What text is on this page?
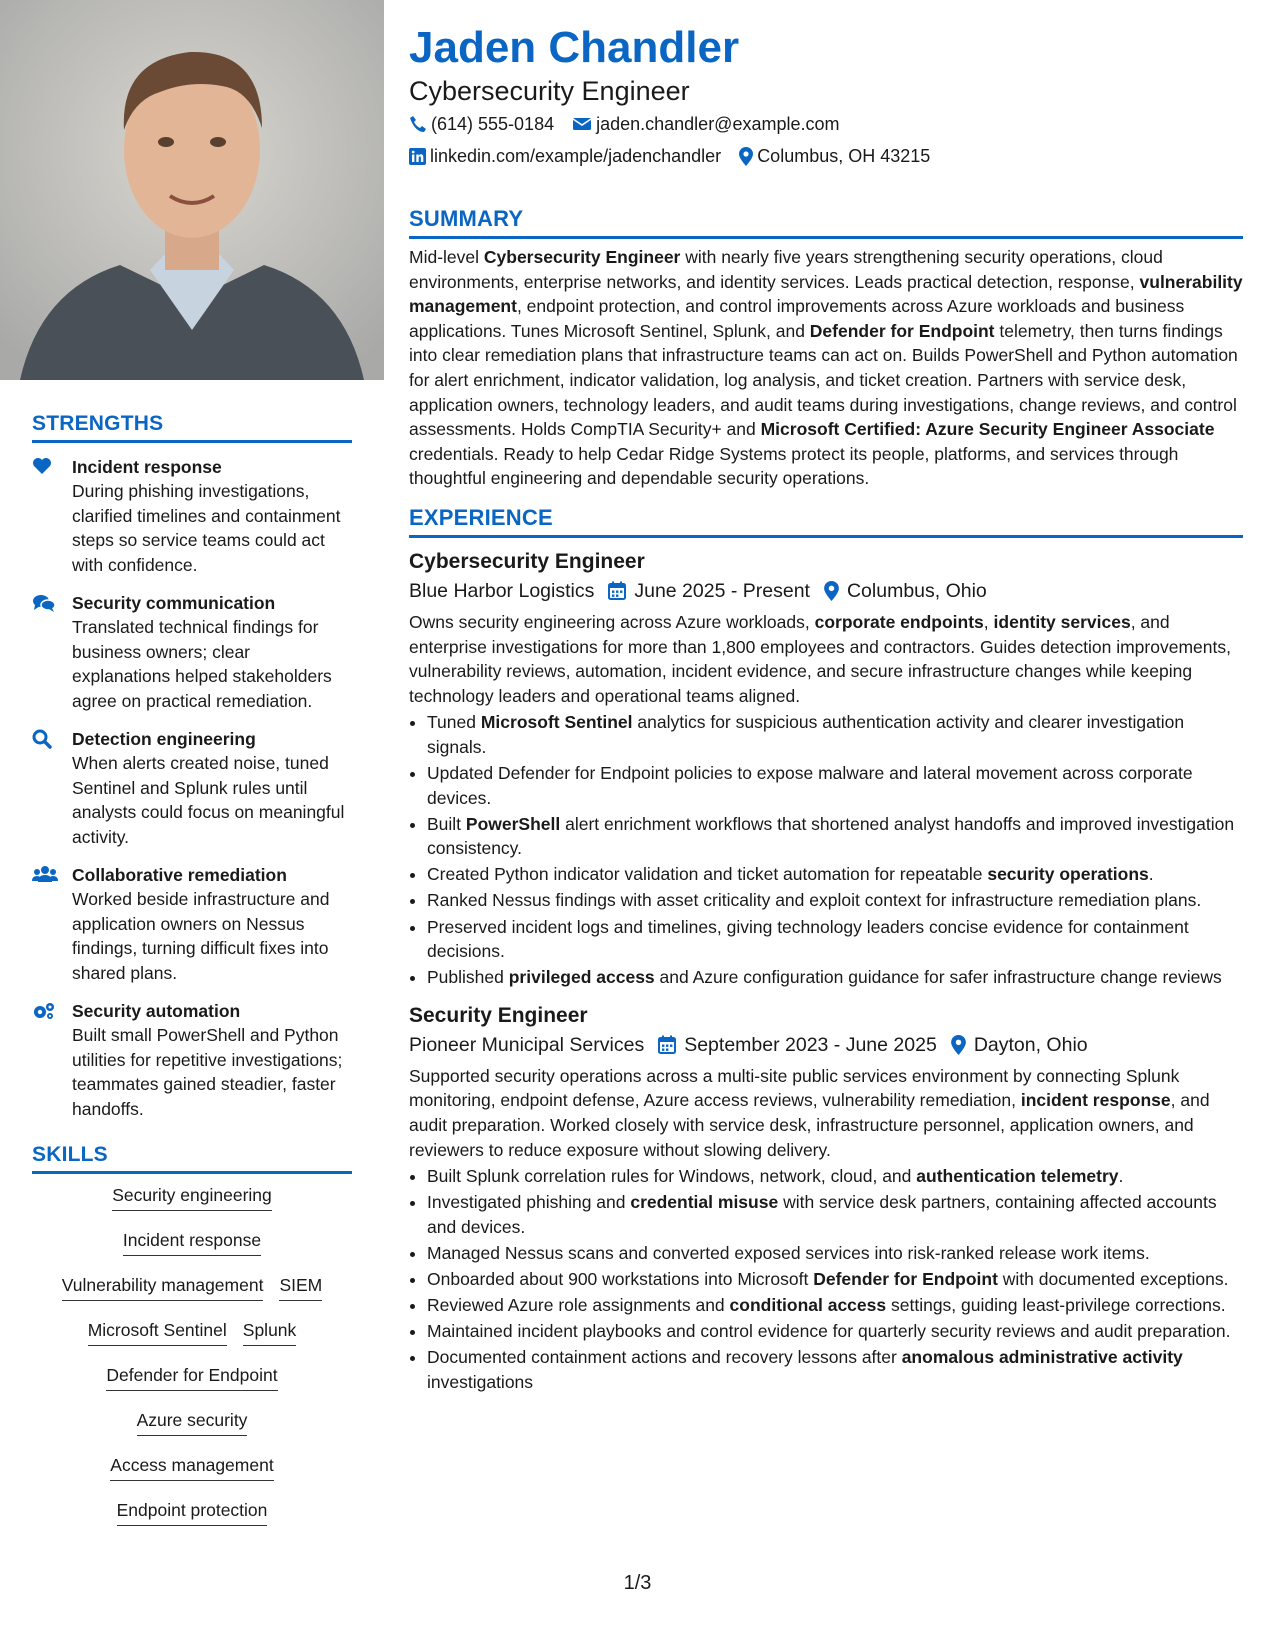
STRENGTHS
Incident response
During phishing investigations, clarified timelines and containment steps so service teams could act with confidence.
Security communication
Translated technical findings for business owners; clear explanations helped stakeholders agree on practical remediation.
Detection engineering
When alerts created noise, tuned Sentinel and Splunk rules until analysts could focus on meaningful activity.
Collaborative remediation
Worked beside infrastructure and application owners on Nessus findings, turning difficult fixes into shared plans.
Security automation
Built small PowerShell and Python utilities for repetitive investigations; teammates gained steadier, faster handoffs.
SKILLS
Security engineering
Incident response
Vulnerability management SIEM
Microsoft Sentinel Splunk
Defender for Endpoint
Azure security
Access management
Endpoint protection
Jaden Chandler
Cybersecurity Engineer
(614) 555-0184 jaden.chandler@example.com
linkedin.com/example/jadenchandler Columbus, OH 43215
SUMMARY
Mid-level Cybersecurity Engineer with nearly five years strengthening security operations, cloud environments, enterprise networks, and identity services. Leads practical detection, response, vulnerability management, endpoint protection, and control improvements across Azure workloads and business applications. Tunes Microsoft Sentinel, Splunk, and Defender for Endpoint telemetry, then turns findings into clear remediation plans that infrastructure teams can act on. Builds PowerShell and Python automation for alert enrichment, indicator validation, log analysis, and ticket creation. Partners with service desk, application owners, technology leaders, and audit teams during investigations, change reviews, and control assessments. Holds CompTIA Security+ and Microsoft Certified: Azure Security Engineer Associate credentials. Ready to help Cedar Ridge Systems protect its people, platforms, and services through thoughtful engineering and dependable security operations.
EXPERIENCE
Cybersecurity Engineer
Blue Harbor Logistics June 2025 - Present Columbus, Ohio
Owns security engineering across Azure workloads, corporate endpoints, identity services, and enterprise investigations for more than 1,800 employees and contractors. Guides detection improvements, vulnerability reviews, automation, incident evidence, and secure infrastructure changes while keeping technology leaders and operational teams aligned.
• Tuned Microsoft Sentinel analytics for suspicious authentication activity and clearer investigation signals.
• Updated Defender for Endpoint policies to expose malware and lateral movement across corporate devices.
• Built PowerShell alert enrichment workflows that shortened analyst handoffs and improved investigation consistency.
• Created Python indicator validation and ticket automation for repeatable security operations.
• Ranked Nessus findings with asset criticality and exploit context for infrastructure remediation plans.
• Preserved incident logs and timelines, giving technology leaders concise evidence for containment decisions.
• Published privileged access and Azure configuration guidance for safer infrastructure change reviews
Security Engineer
Pioneer Municipal Services September 2023 - June 2025 Dayton, Ohio
Supported security operations across a multi-site public services environment by connecting Splunk monitoring, endpoint defense, Azure access reviews, vulnerability remediation, incident response, and audit preparation. Worked closely with service desk, infrastructure personnel, application owners, and reviewers to reduce exposure without slowing delivery.
• Built Splunk correlation rules for Windows, network, cloud, and authentication telemetry.
• Investigated phishing and credential misuse with service desk partners, containing affected accounts and devices.
• Managed Nessus scans and converted exposed services into risk-ranked release work items.
• Onboarded about 900 workstations into Microsoft Defender for Endpoint with documented exceptions.
• Reviewed Azure role assignments and conditional access settings, guiding least-privilege corrections.
• Maintained incident playbooks and control evidence for quarterly security reviews and audit preparation.
• Documented containment actions and recovery lessons after anomalous administrative activity investigations
1/3
